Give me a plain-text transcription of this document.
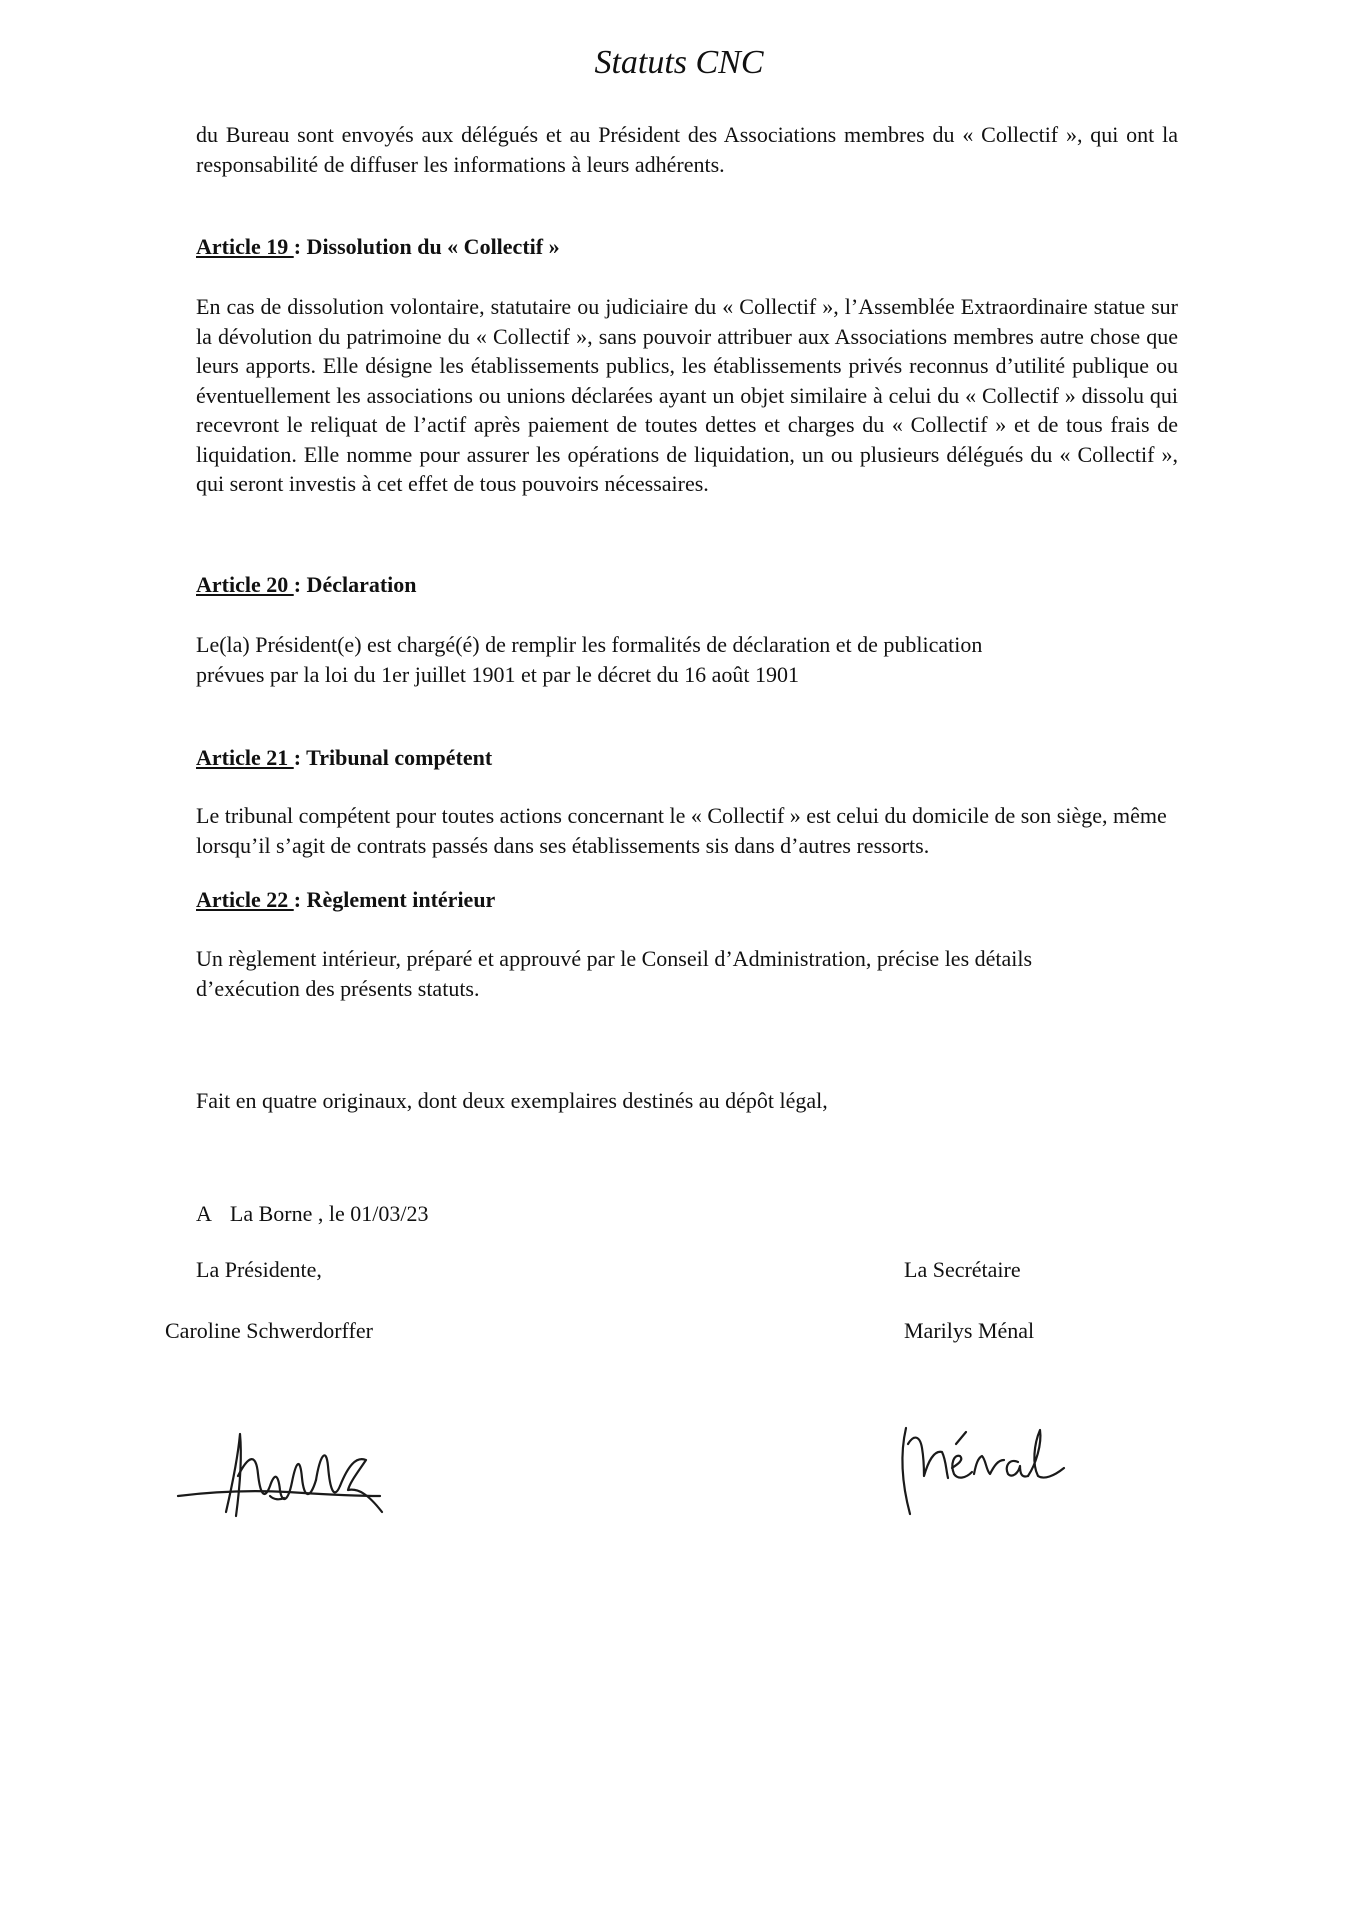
Statuts CNC
du Bureau sont envoyés aux délégués et au Président des Associations membres du « Collectif », qui ont la responsabilité de diffuser les informations à leurs adhérents.
Article 19 : Dissolution du « Collectif »
En cas de dissolution volontaire, statutaire ou judiciaire du « Collectif », l’Assemblée Extraordinaire statue sur la dévolution du patrimoine du « Collectif », sans pouvoir attribuer aux Associations membres autre chose que leurs apports. Elle désigne les établissements publics, les établissements privés reconnus d’utilité publique ou éventuellement les associations ou unions déclarées ayant un objet similaire à celui du « Collectif » dissolu qui recevront le reliquat de l’actif après paiement de toutes dettes et charges du « Collectif » et de tous frais de liquidation. Elle nomme pour assurer les opérations de liquidation, un ou plusieurs délégués du « Collectif », qui seront investis à cet effet de tous pouvoirs nécessaires.
Article 20 : Déclaration
Le(la) Président(e) est chargé(é) de remplir les formalités de déclaration et de publication
prévues par la loi du 1er juillet 1901 et par le décret du 16 août 1901
Article 21 : Tribunal compétent
Le tribunal compétent pour toutes actions concernant le « Collectif » est celui du domicile de son siège, même lorsqu’il s’agit de contrats passés dans ses établissements sis dans d’autres ressorts.
Article 22 : Règlement intérieur
Un règlement intérieur, préparé et approuvé par le Conseil d’Administration, précise les détails
d’exécution des présents statuts.
Fait en quatre originaux, dont deux exemplaires destinés au dépôt légal,
A La Borne , le 01/03/23
La Présidente,	La Secrétaire
Caroline Schwerdorffer	Marilys Ménal
